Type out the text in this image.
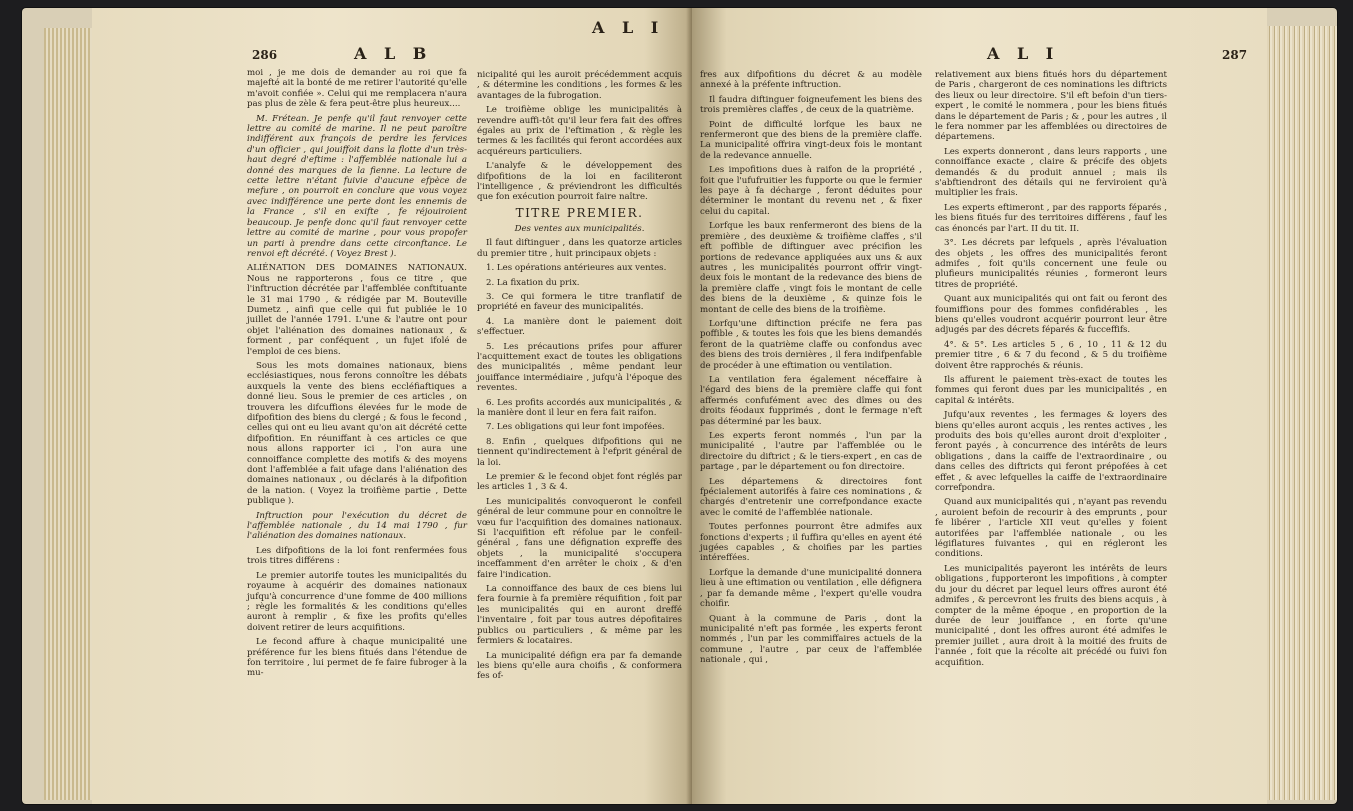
286	A L B
A L I

moi , je me dois de demander au roi que fa majefté ait la bonté de me retirer l'autorité qu'elle m'avoit confiée ». Celui qui me remplacera n'aura pas plus de zèle & fera peut-être plus heureux....

M. Frétean. Je penfe qu'il faut renvoyer cette lettre au comité de marine. Il ne peut paroître indifférent aux françois de perdre les fervices d'un officier , qui jouiffoit dans la flotte d'un très-haut degré d'eftime : l'affemblée nationale lui a donné des marques de la fienne. La lecture de cette lettre n'étant fuivie d'aucune efpèce de mefure , on pourroit en conclure que vous voyez avec indifférence une perte dont les ennemis de la France , s'il en exifte , fe réjouiroient beaucoup. Je penfe donc qu'il faut renvoyer cette lettre au comité de marine , pour vous propofer un parti à prendre dans cette circonftance. Le renvoi eft décrété. ( Voyez Brest ).

ALIÉNATION DES DOMAINES NATIONAUX. Nous ne rapporterons , fous ce titre , que l'inftruction décrétée par l'affemblée conftituante le 31 mai 1790 , & rédigée par M. Bouteville Dumetz , ainfi que celle qui fut publiée le 10 juillet de l'année 1791. L'une & l'autre ont pour objet l'aliénation des domaines nationaux , & forment , par conféquent , un fujet ifolé de l'emploi de ces biens.

Sous les mots domaines nationaux, biens ecclésiastiques, nous ferons connoître les débats auxquels la vente des biens eccléfiaftiques a donné lieu. Sous le premier de ces articles , on trouvera les difcuffions élevées fur le mode de difpofition des biens du clergé ; & fous le fecond , celles qui ont eu lieu avant qu'on ait décrété cette difpofition. En réuniffant à ces articles ce que nous allons rapporter ici , l'on aura une connoiffance complette des motifs & des moyens dont l'affemblée a fait ufage dans l'aliénation des domaines nationaux , ou déclarés à la difpofition de la nation. ( Voyez la troifième partie , Dette publique ).

Inftruction pour l'exécution du décret de l'affemblée nationale , du 14 mai 1790 , fur l'aliénation des domaines nationaux.

Les difpofitions de la loi font renfermées fous trois titres différens :

Le premier autorife toutes les municipalités du royaume à acquérir des domaines nationaux jufqu'à concurrence d'une fomme de 400 millions ; règle les formalités & les conditions qu'elles auront à remplir , & fixe les profits qu'elles doivent retirer de leurs acquifitions.

Le fecond affure à chaque municipalité une préférence fur les biens fitués dans l'étendue de fon territoire , lui permet de fe faire fubroger à la mu-

nicipalité qui les auroit précédemment acquis , & détermine les conditions , les formes & les avantages de la fubrogation.

Le troifième oblige les municipalités à revendre auffi-tôt qu'il leur fera fait des offres égales au prix de l'eftimation , & règle les termes & les facilités qui feront accordées aux acquéreurs particuliers.

L'analyfe & le développement des difpofitions de la loi en faciliteront l'intelligence , & préviendront les difficultés que fon exécution pourroit faire naître.

TITRE PREMIER.

Des ventes aux municipalités.

Il faut diftinguer , dans les quatorze articles du premier titre , huit principaux objets :

1. Les opérations antérieures aux ventes.

2. La fixation du prix.

3. Ce qui formera le titre tranflatif de propriété en faveur des municipalités.

4. La manière dont le paiement doit s'effectuer.

5. Les précautions prifes pour affurer l'acquittement exact de toutes les obligations des municipalités , même pendant leur jouiffance intermédiaire , jufqu'à l'époque des reventes.

6. Les profits accordés aux municipalités , & la manière dont il leur en fera fait raifon.

7. Les obligations qui leur font impofées.

8. Enfin , quelques difpofitions qui ne tiennent qu'indirectement à l'efprit général de la loi.

Le premier & le fecond objet font réglés par les articles 1 , 3 & 4.

Les municipalités convoqueront le confeil général de leur commune pour en connoître le vœu fur l'acquifition des domaines nationaux. Si l'acquifition eft réfolue par le confeil-général , fans une défignation expreffe des objets , la municipalité s'occupera inceffamment d'en arrêter le choix , & d'en faire l'indication.

La connoiffance des baux de ces biens lui fera fournie à fa première réquifition , foit par les municipalités qui en auront dreffé l'inventaire , foit par tous autres dépofitaires publics ou particuliers , & même par les fermiers & locataires.

La municipalité défign era par fa demande les biens qu'elle aura choifis , & conformera fes of-

A L I	287

fres aux difpofitions du décret & au modèle annexé à la préfente inftruction.

Il faudra diftinguer foigneufement les biens des trois premières claffes , de ceux de la quatrième.

Point de difficulté lorfque les baux ne renfermeront que des biens de la première claffe. La municipalité offrira vingt-deux fois le montant de la redevance annuelle.

Les impofitions dues à raifon de la propriété , foit que l'ufufruitier les fupporte ou que le fermier les paye à fa décharge , feront déduites pour déterminer le montant du revenu net , & fixer celui du capital.

Lorfque les baux renfermeront des biens de la première , des deuxième & troifième claffes , s'il eft poffible de diftinguer avec précifion les portions de redevance appliquées aux uns & aux autres , les municipalités pourront offrir vingt-deux fois le montant de la redevance des biens de la première claffe , vingt fois le montant de celle des biens de la deuxième , & quinze fois le montant de celle des biens de la troifième.

Lorfqu'une diftinction précife ne fera pas poffible , & toutes les fois que les biens demandés feront de la quatrième claffe ou confondus avec des biens des trois dernières , il fera indifpenfable de procéder à une eftimation ou ventilation.

La ventilation fera également néceffaire à l'égard des biens de la première claffe qui font affermés confufément avec des dîmes ou des droits féodaux fupprimés , dont le fermage n'eft pas déterminé par les baux.

Les experts feront nommés , l'un par la municipalité , l'autre par l'affemblée ou le directoire du diftrict ; & le tiers-expert , en cas de partage , par le département ou fon directoire.

Les départemens & directoires font fpécialement autorifés à faire ces nominations , & chargés d'entretenir une correfpondance exacte avec le comité de l'affemblée nationale.

Toutes perfonnes pourront être admifes aux fonctions d'experts ; il fuffira qu'elles en ayent été jugées capables , & choifies par les parties intéreffées.

Lorfque la demande d'une municipalité donnera lieu à une eftimation ou ventilation , elle défignera , par fa demande même , l'expert qu'elle voudra choifir.

Quant à la commune de Paris , dont la municipalité n'eft pas formée , les experts feront nommés , l'un par les commiffaires actuels de la commune , l'autre , par ceux de l'affemblée nationale , qui ,

relativement aux biens fitués hors du département de Paris , chargeront de ces nominations les diftricts des lieux ou leur directoire. S'il eft befoin d'un tiers-expert , le comité le nommera , pour les biens fitués dans le département de Paris ; & , pour les autres , il le fera nommer par les affemblées ou directoires de départemens.

Les experts donneront , dans leurs rapports , une connoiffance exacte , claire & précife des objets demandés & du produit annuel ; mais ils s'abftiendront des détails qui ne ferviroient qu'à multiplier les frais.

Les experts eftimeront , par des rapports féparés , les biens fitués fur des territoires différens , fauf les cas énoncés par l'art. II du tit. II.

3°. Les décrets par lefquels , après l'évaluation des objets , les offres des municipalités feront admifes , foit qu'ils concernent une feule ou plufieurs municipalités réunies , formeront leurs titres de propriété.

Quant aux municipalités qui ont fait ou feront des foumiffions pour des fommes confidérables , les biens qu'elles voudront acquérir pourront leur être adjugés par des décrets féparés & fucceffifs.

4°. & 5°. Les articles 5 , 6 , 10 , 11 & 12 du premier titre , 6 & 7 du fecond , & 5 du troifième doivent être rapprochés & réunis.

Ils affurent le paiement très-exact de toutes les fommes qui feront dues par les municipalités , en capital & intérêts.

Jufqu'aux reventes , les fermages & loyers des biens qu'elles auront acquis , les rentes actives , les produits des bois qu'elles auront droit d'exploiter , feront payés , à concurrence des intérêts de leurs obligations , dans la caiffe de l'extraordinaire , ou dans celles des diftricts qui feront prépofées à cet effet , & avec lefquelles la caiffe de l'extraordinaire correfpondra.

Quand aux municipalités qui , n'ayant pas revendu , auroient befoin de recourir à des emprunts , pour fe libérer , l'article XII veut qu'elles y foient autorifées par l'affemblée nationale , ou les légiflatures fuivantes , qui en régleront les conditions.

Les municipalités payeront les intérêts de leurs obligations , fupporteront les impofitions , à compter du jour du décret par lequel leurs offres auront été admifes , & percevront les fruits des biens acquis , à compter de la même époque , en proportion de la durée de leur jouiffance , en forte qu'une municipalité , dont les offres auront été admifes le premier juillet , aura droit à la moitié des fruits de l'année , foit que la récolte ait précédé ou fuivi fon acquifition.
